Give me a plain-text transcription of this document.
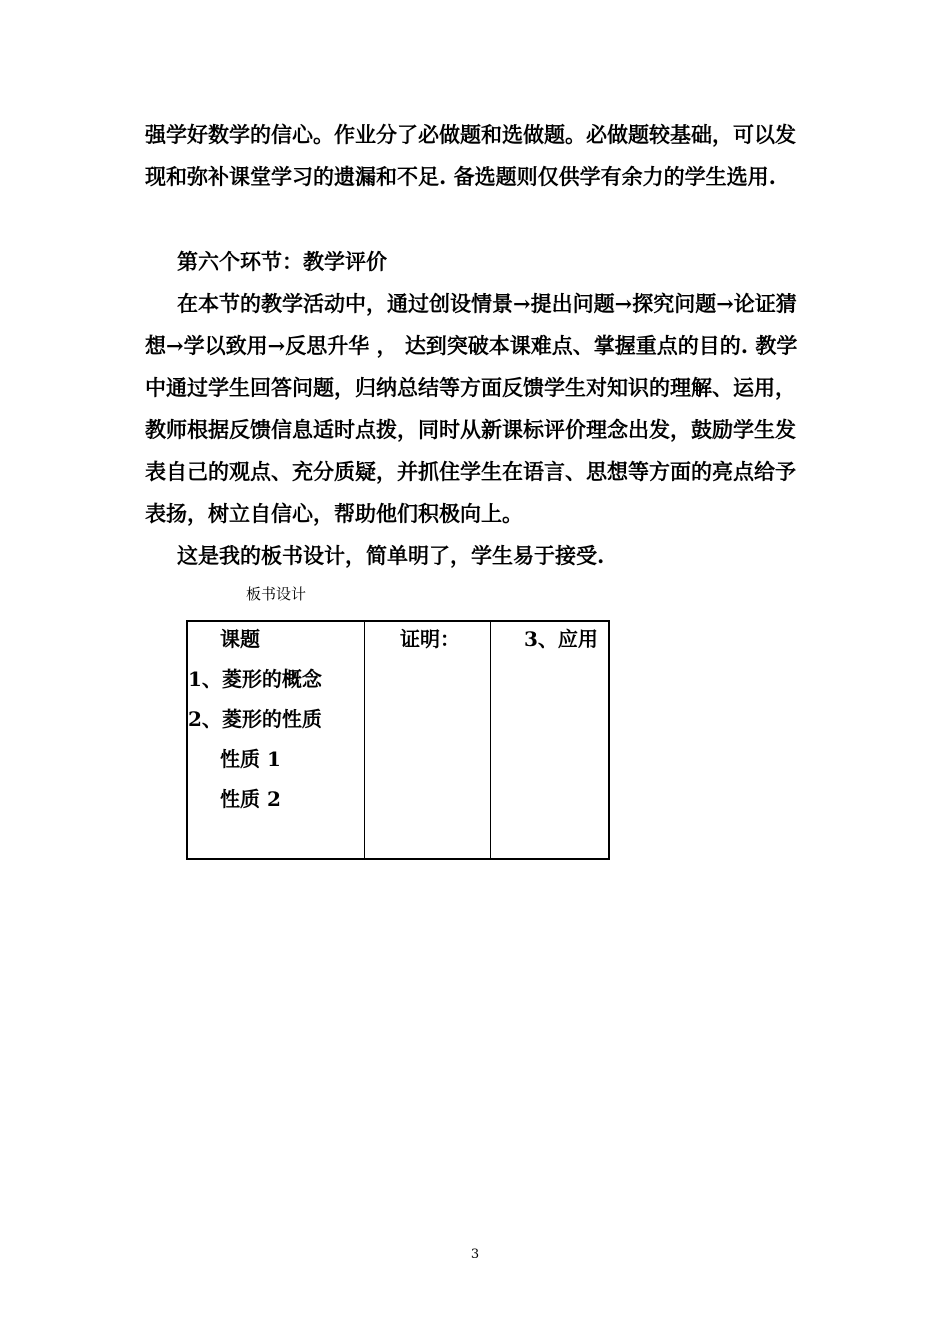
强学好数学的信心。作业分了必做题和选做题。必做题较基础，可以发现和弥补课堂学习的遗漏和不足. 备选题则仅供学有余力的学生选用.

第六个环节：教学评价

在本节的教学活动中，通过创设情景→提出问题→探究问题→论证猜想→学以致用→反思升华 ， 达到突破本课难点、掌握重点的目的. 教学中通过学生回答问题，归纳总结等方面反馈学生对知识的理解、运用，教师根据反馈信息适时点拨，同时从新课标评价理念出发，鼓励学生发表自己的观点、充分质疑，并抓住学生在语言、思想等方面的亮点给予表扬，树立自信心，帮助他们积极向上。

这是我的板书设计，简单明了，学生易于接受.

板书设计
课题
1、菱形的概念
2、菱形的性质
性质 1
性质 2
证明：	3、应用
3
